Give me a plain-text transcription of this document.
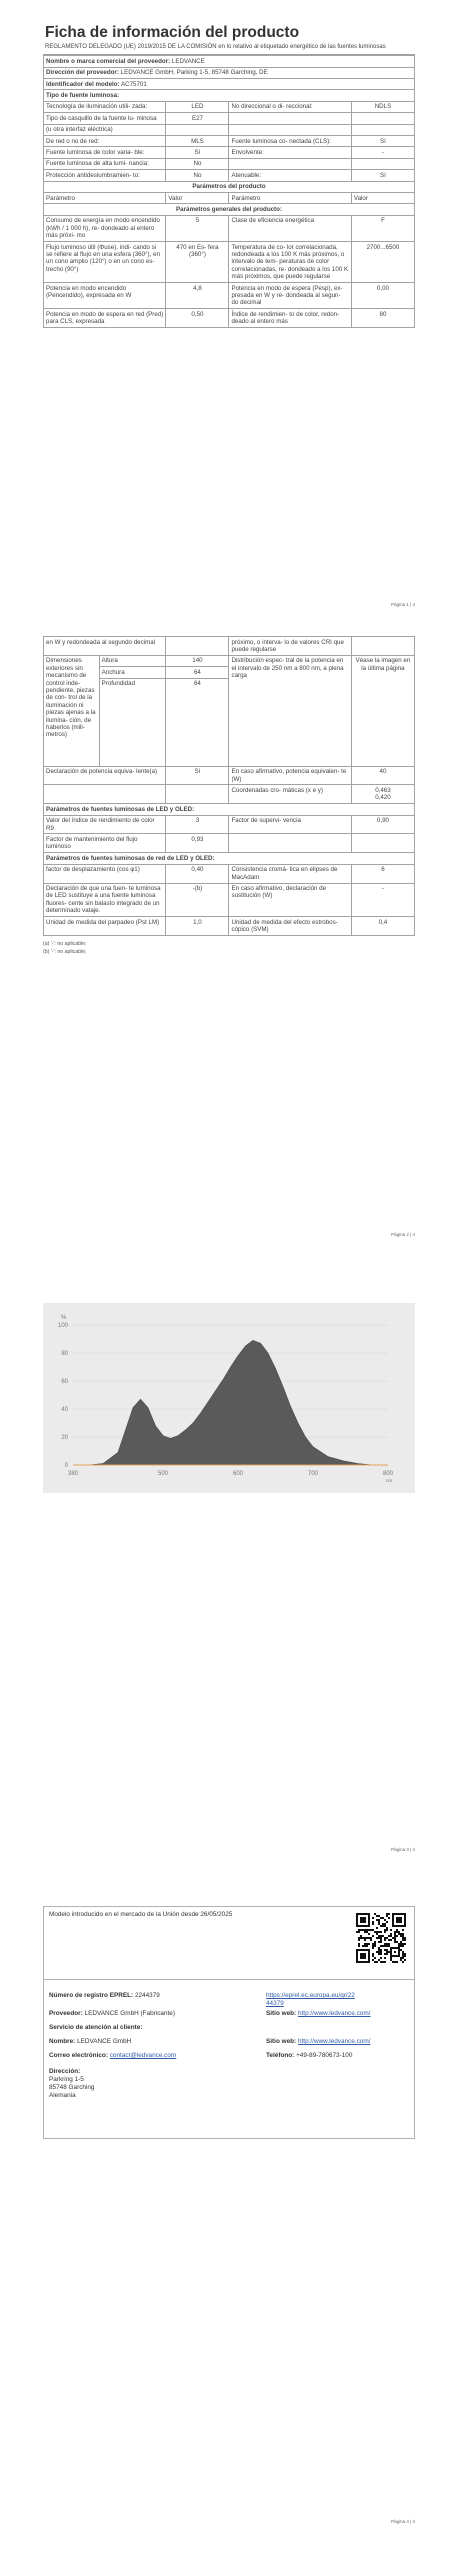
Ficha de información del producto
REGLAMENTO DELEGADO (UE) 2019/2015 DE LA COMISIÓN en lo relativo al etiquetado energético de las fuentes luminosas
Nombre o marca comercial del proveedor: LEDVANCE			
Dirección del proveedor: LEDVANCE GmbH, Parking 1-5, 85748 Garching, DE			
Identificador del modelo: AC75701			
Tipo de fuente luminosa:			
Tecnología de iluminación utili- zada:	LED	No direccional o di- reccional:	NDLS
Tipo de casquillo de la fuente lu- minosa	E27		
(u otra interfaz eléctrica)			
De red o no de red:	MLS	Fuente luminosa co- nectada (CLS):	Sí
Fuente luminosa de color varia- ble:	Sí	Envolvente:	-
Fuente luminosa de alta lumi- nancia:	No		
Protección antideslumbramien- to:	No	Atenuable:	Sí
Parámetros del producto			
Parámetro	Valor	Parámetro	Valor
Parámetros generales del producto:			
Consumo de energía en modo encendido (kWh / 1 000 h), re- dondeado al entero más próxi- mo	5	Clase de eficiencia energética	F
Flujo luminoso útil (Φuse), indi- cando si se refiere al flujo en una esfera (360°), en un cono amplio (120°) o en un cono es- trecho (90°)	470 en Es- fera (360°)	Temperatura de co- lor correlacionada, redondeada a los 100 K más próximos, o intervalo de tem- peraturas de color correlacionadas, re- dondeado a los 100 K más próximos, que puede regularse	2700...6500
Potencia en modo encendido (Pencendido), expresada en W	4,8	Potencia en modo de espera (Pesp), ex- presada en W y re- dondeada al segun- do decimal	0,00
Potencia en modo de espera en red (Pred) para CLS, expresada	0,50	Índice de rendimien- to de color, redon- deado al entero más	80
Página 1 | 4
en W y redondeada al segundo decimal			próximo, o interva- lo de valores CRI que puede regularse	
Dimensiones exteriores sin mecanismo de control inde- pendiente, piezas de con- trol de la iluminación ni piezas ajenas a la ilumina- ción, de haberlos (mili- metros)	Altura	140	Distribución espec- tral de la potencia en el intervalo de 250 nm a 800 nm, a plena carga	Véase la imagen en la última página
	Anchura	64		
	Profundidad	64		
Declaración de potencia equiva- lente(a)		Sí	En caso afirmativo, potencia equivalen- te (W)	40
			Coordenadas cro- máticas (x e y)	0,463
0,420
Parámetros de fuentes luminosas de LED y OLED:				
Valor del índice de rendimiento de color R9		3	Factor de supervi- vencia	0,90
Factor de mantenimiento del flujo luminoso		0,93		
Parámetros de fuentes luminosas de red de LED y OLED:				
factor de desplazamiento (cos φ1)		0,40	Consistencia cromá- tica en elipses de MacAdam	6
Declaración de que una fuen- te luminosa de LED sustituye a una fuente luminosa fluores- cente sin balasto integrado de un determinado vataje.		-(b)	En caso afirmativo, declaración de sustitución (W)	-
Unidad de medida del parpadeo (Pst LM)		1,0	Unidad de medida del efecto estrobos- cópico (SVM)	0,4
(a) '-': no aplicable;
(b) '-': no aplicable;
Página 2 | 4
100
80
60
40
20
0
%
380	500	600	700	800
nm
Página 3 | 4
Modelo introducido en el mercado de la Unión desde 26/05/2025
Número de registro EPREL: 2244379	https://eprel.ec.europa.eu/qr/2244379
Proveedor: LEDVANCE GmbH (Fabricante)	Sitio web: http://www.ledvance.com/
Servicio de atención al cliente:
Nombre: LEDVANCE GmbH	Sitio web: http://www.ledvance.com/
Correo electrónico: contact@ledvance.com	Teléfono: +49-89-780673-100
Dirección:
Parkring 1-5
85748 Garching
Alemania
Página 4 | 4
